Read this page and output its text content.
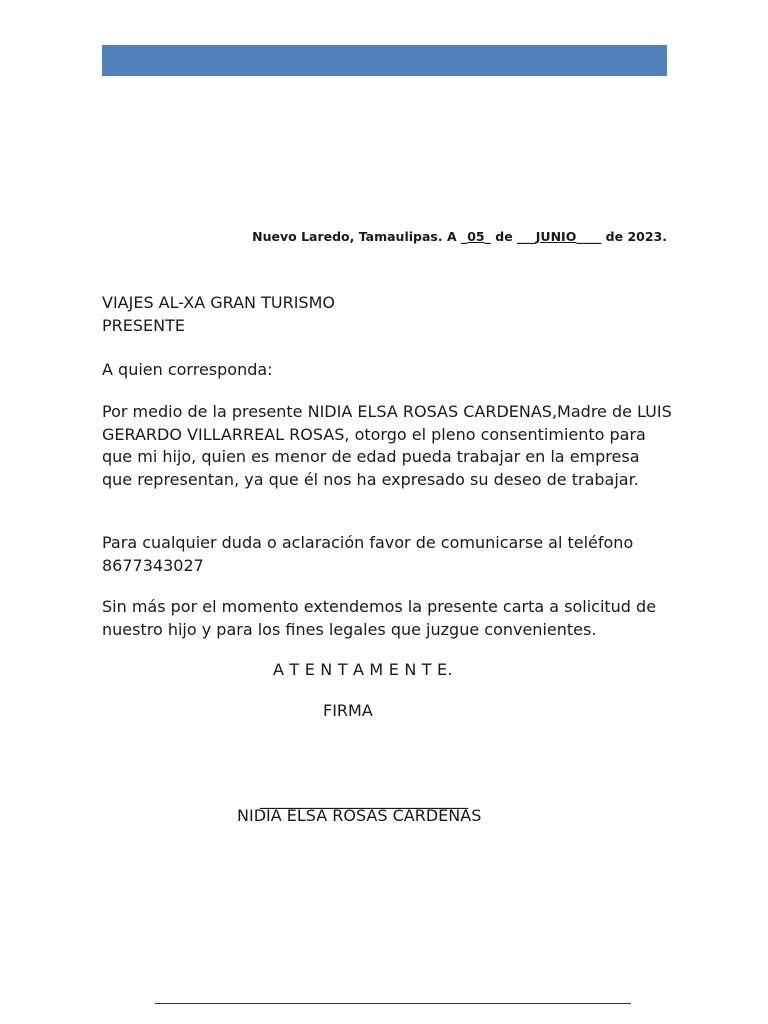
Nuevo Laredo, Tamaulipas. A _05_ de ___JUNIO____ de 2023.
VIAJES AL-XA GRAN TURISMO
PRESENTE

A quien corresponda:

Por medio de la presente NIDIA ELSA ROSAS CARDENAS,Madre de LUIS GERARDO VILLARREAL ROSAS, otorgo el pleno consentimiento para que mi hijo, quien es menor de edad pueda trabajar en la empresa que representan, ya que él nos ha expresado su deseo de trabajar.

Para cualquier duda o aclaración favor de comunicarse al teléfono
8677343027

Sin más por el momento extendemos la presente carta a solicitud de nuestro hijo y para los fines legales que juzgue convenientes.

A T E N T A M E N T E.

FIRMA

__________________________

NIDIA ELSA ROSAS CARDENAS
